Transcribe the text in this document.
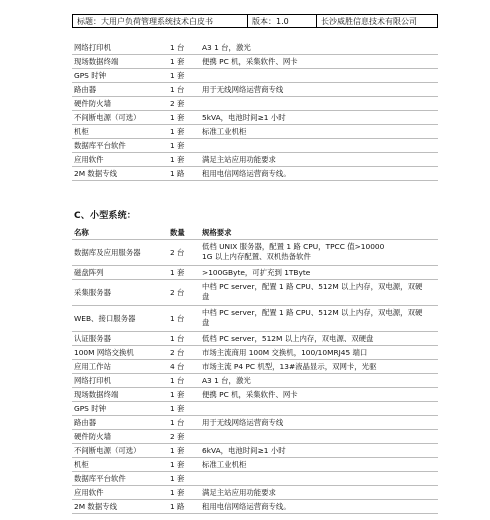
标题：大用户负荷管理系统技术白皮书	版本：1.0	长沙威胜信息技术有限公司
网络打印机	1 台	A3 1 台，激光
现场数据终端	1 套	便携 PC 机，采集软件、网卡
GPS 时钟	1 套	
路由器	1 台	用于无线网络运营商专线
硬件防火墙	2 套	
不间断电源（可选）	1 套	5kVA，电池时间≥1 小时
机柜	1 套	标准工业机柜
数据库平台软件	1 套	
应用软件	1 套	满足主站应用功能要求
2M 数据专线	1 路	租用电信网络运营商专线。
C、小型系统：
名称	数量	规格要求
数据库及应用服务器	2 台	低档 UNIX 服务器，配置 1 路 CPU，TPCC 值>10000
1G 以上内存配置、双机热备软件

磁盘阵列	1 套	>100GByte，可扩充到 1TByte
采集服务器	2 台	中档 PC server，配置 1 路 CPU、512M 以上内存，双电源，双硬
盘

WEB、接口服务器	1 台	中档 PC server，配置 1 路 CPU、512M 以上内存，双电源，双硬
盘

认证服务器	1 台	低档 PC server，512M 以上内存，双电源、双硬盘
100M 网络交换机	2 台	市场主流商用 100M 交换机，100/10MRJ45 端口
应用工作站	4 台	市场主流 P4 PC 机型，13#液晶显示，双网卡，光驱
网络打印机	1 台	A3 1 台，激光
现场数据终端	1 套	便携 PC 机，采集软件、网卡
GPS 时钟	1 套	
路由器	1 台	用于无线网络运营商专线
硬件防火墙	2 套	
不间断电源（可选）	1 套	6kVA，电池时间≥1 小时
机柜	1 套	标准工业机柜
数据库平台软件	1 套	
应用软件	1 套	满足主站应用功能要求
2M 数据专线	1 路	租用电信网络运营商专线。
